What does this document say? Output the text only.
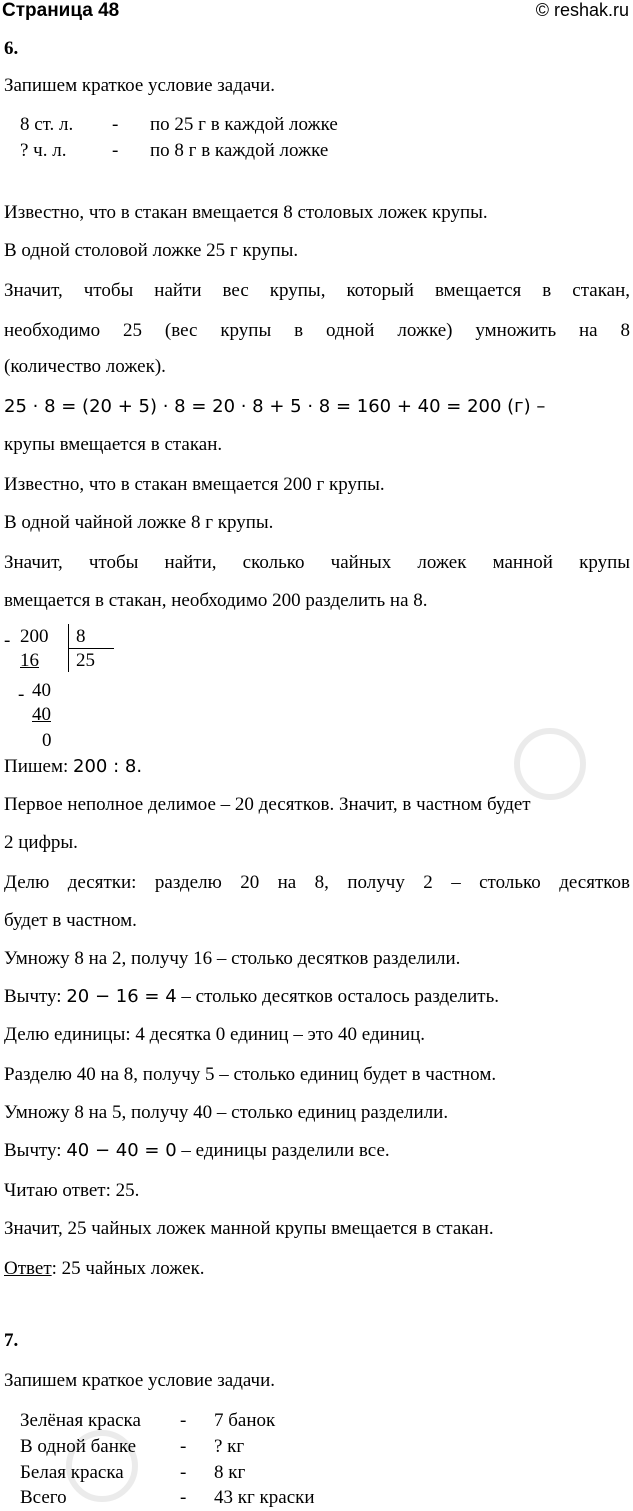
Страница 48	© reshak.ru
6.
Запишем краткое условие задачи.
8 ст. л. - по 25 г в каждой ложке
? ч. л. - по 8 г в каждой ложке
Известно, что в стакан вмещается 8 столовых ложек крупы.
В одной столовой ложке 25 г крупы.
Значит, чтобы найти вес крупы, который вмещается в стакан,
необходимо 25 (вес крупы в одной ложке) умножить на 8
(количество ложек).
25 · 8 = (20 + 5) · 8 = 20 · 8 + 5 · 8 = 160 + 40 = 200 (г) –
крупы вмещается в стакан.
Известно, что в стакан вмещается 200 г крупы.
В одной чайной ложке 8 г крупы.
Значит, чтобы найти, сколько чайных ложек манной крупы
вмещается в стакан, необходимо 200 разделить на 8.
- 200 8
16 25
- 40
40
0
Пишем: 200 : 8.
Первое неполное делимое – 20 десятков. Значит, в частном будет
2 цифры.
Делю десятки: разделю 20 на 8, получу 2 – столько десятков
будет в частном.
Умножу 8 на 2, получу 16 – столько десятков разделили.
Вычту: 20 − 16 = 4 – столько десятков осталось разделить.
Делю единицы: 4 десятка 0 единиц – это 40 единиц.
Разделю 40 на 8, получу 5 – столько единиц будет в частном.
Умножу 8 на 5, получу 40 – столько единиц разделили.
Вычту: 40 − 40 = 0 – единицы разделили все.
Читаю ответ: 25.
Значит, 25 чайных ложек манной крупы вмещается в стакан.
Ответ: 25 чайных ложек.
7.
Запишем краткое условие задачи.
Зелёная краска - 7 банок
В одной банке - ? кг
Белая краска	- 8 кг
Всего	- 43 кг краски
